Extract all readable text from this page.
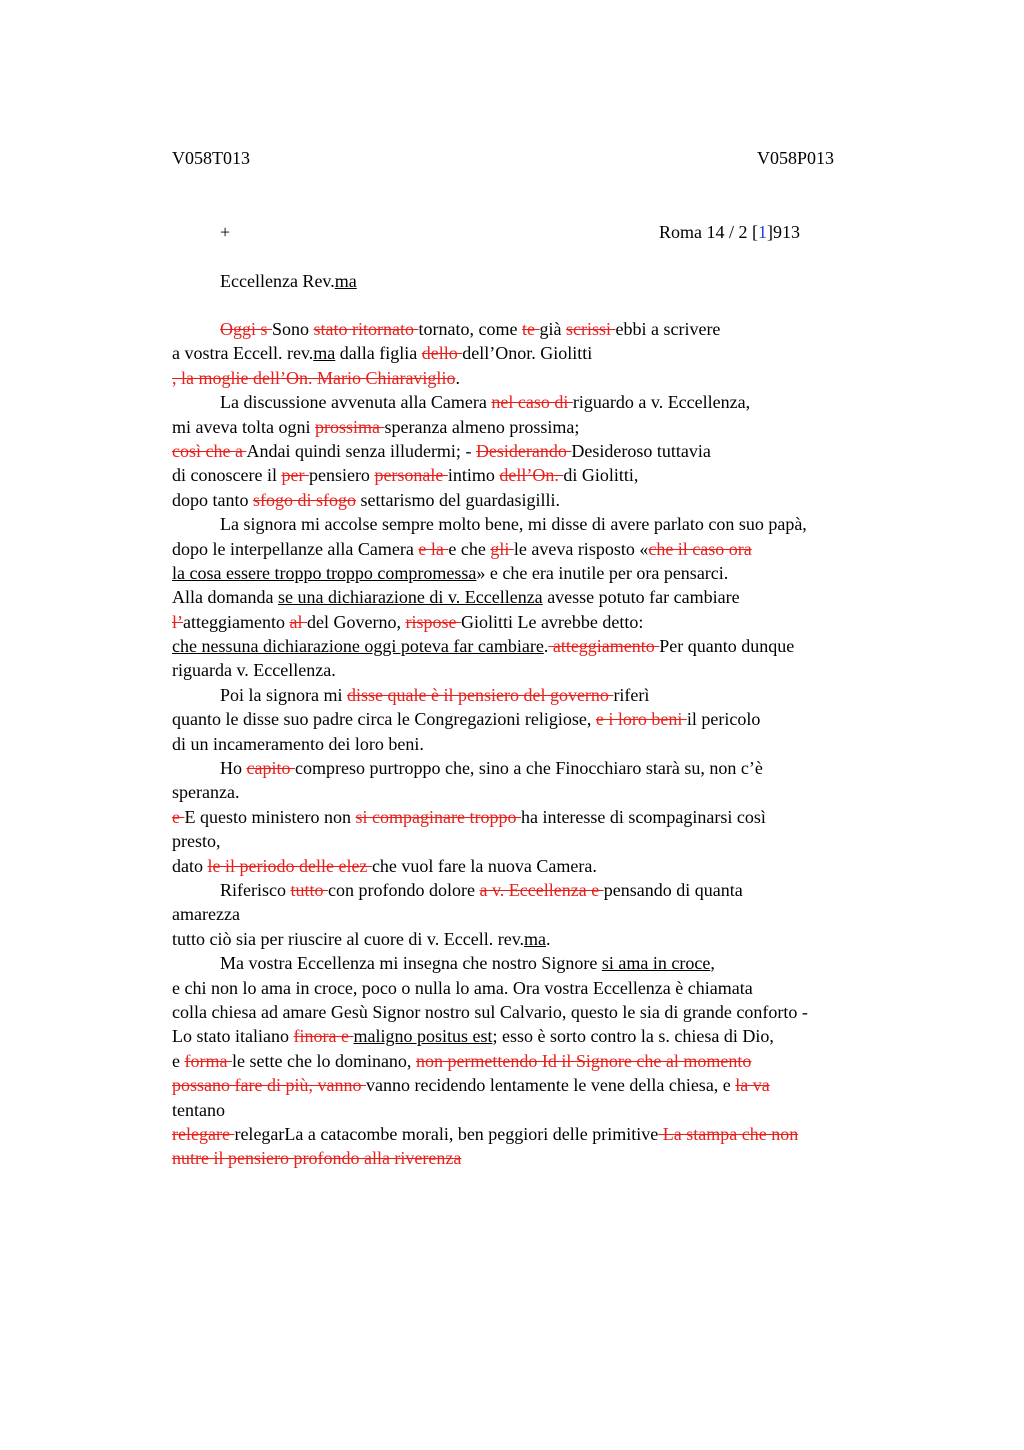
V058T013	V058P013
+	Roma 14 / 2 [1]913
Eccellenza Rev.ma
Oggi s Sono stato ritornato tornato, come te già scrissi ebbi a scrivere
a vostra Eccell. rev.ma dalla figlia dello dell’Onor. Giolitti
, la moglie dell’On. Mario Chiaraviglio.
La discussione avvenuta alla Camera nel caso di riguardo a v. Eccellenza,
mi aveva tolta ogni prossima speranza almeno prossima;
così che a Andai quindi senza illudermi; - Desiderando Desideroso tuttavia
di conoscere il per pensiero personale intimo dell’On. di Giolitti,
dopo tanto sfogo di sfogo settarismo del guardasigilli.
La signora mi accolse sempre molto bene, mi disse di avere parlato con suo papà,
dopo le interpellanze alla Camera e la e che gli le aveva risposto «che il caso ora
la cosa essere troppo troppo compromessa» e che era inutile per ora pensarci.
Alla domanda se una dichiarazione di v. Eccellenza avesse potuto far cambiare
l’atteggiamento al del Governo, rispose Giolitti Le avrebbe detto:
che nessuna dichiarazione oggi poteva far cambiare. atteggiamento Per quanto dunque
riguarda v. Eccellenza.
Poi la signora mi disse quale è il pensiero del governo riferì
quanto le disse suo padre circa le Congregazioni religiose, e i loro beni il pericolo
di un incameramento dei loro beni.
Ho capito compreso purtroppo che, sino a che Finocchiaro starà su, non c’è
speranza.
e E questo ministero non si compaginare troppo ha interesse di scompaginarsi così
presto,
dato le il periodo delle elez che vuol fare la nuova Camera.
Riferisco tutto con profondo dolore a v. Eccellenza e pensando di quanta
amarezza
tutto ciò sia per riuscire al cuore di v. Eccell. rev.ma.
Ma vostra Eccellenza mi insegna che nostro Signore si ama in croce,
e chi non lo ama in croce, poco o nulla lo ama. Ora vostra Eccellenza è chiamata
colla chiesa ad amare Gesù Signor nostro sul Calvario, questo le sia di grande conforto -
Lo stato italiano finora e maligno positus est; esso è sorto contro la s. chiesa di Dio,
e forma le sette che lo dominano, non permettendo Id il Signore che al momento
possano fare di più, vanno vanno recidendo lentamente le vene della chiesa, e la va
tentano
relegare relegarLa a catacombe morali, ben peggiori delle primitive La stampa che non
nutre il pensiero profondo alla riverenza
